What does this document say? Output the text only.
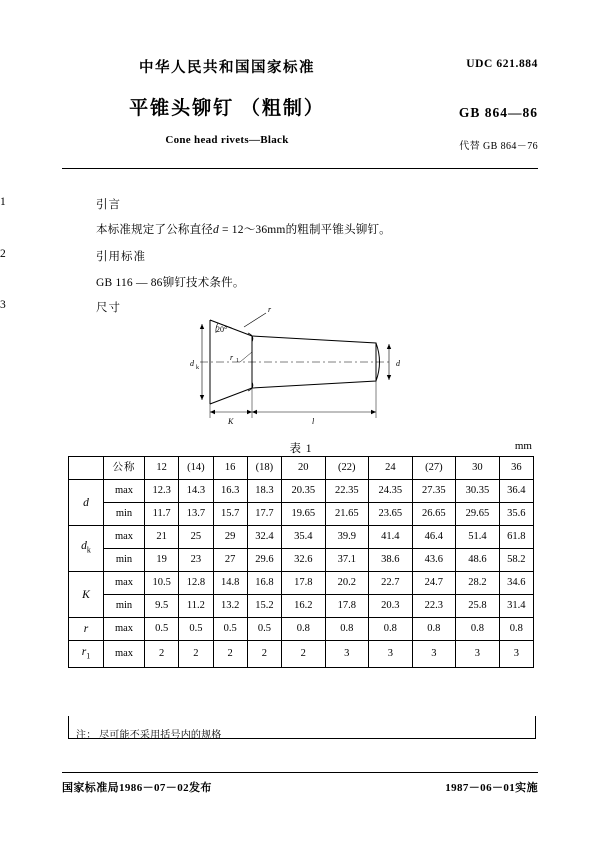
中华人民共和国国家标准	UDC 621.884
平锥头铆钉 （粗制）	GB 864—86
Cone head rivets—Black
代替 GB 864－76
1	引言
本标准规定了公称直径d = 12～36mm的粗制平锥头铆钉。
2	引用标准
GB 116 — 86铆钉技术条件。
3	尺寸
20°
r
r 1
d k	d
K	l
表 1	mm
	公称	12	(14)	16	(18)	20	(22)	24	(27)	30	36
d	max	12.3	14.3	16.3	18.3	20.35	22.35	24.35	27.35	30.35	36.4
	min	11.7	13.7	15.7	17.7	19.65	21.65	23.65	26.65	29.65	35.6
$d_k$	max	21	25	29	32.4	35.4	39.9	41.4	46.4	51.4	61.8
	min	19	23	27	29.6	32.6	37.1	38.6	43.6	48.6	58.2
K	max	10.5	12.8	14.8	16.8	17.8	20.2	22.7	24.7	28.2	34.6
	min	9.5	11.2	13.2	15.2	16.2	17.8	20.3	22.3	25.8	31.4
r	max	0.5	0.5	0.5	0.5	0.8	0.8	0.8	0.8	0.8	0.8
$r_1$	max	2	2	2	2	2	3	3	3	3	3
注： 尽可能不采用括号内的规格
国家标准局1986－07－02发布	1987－06－01实施
